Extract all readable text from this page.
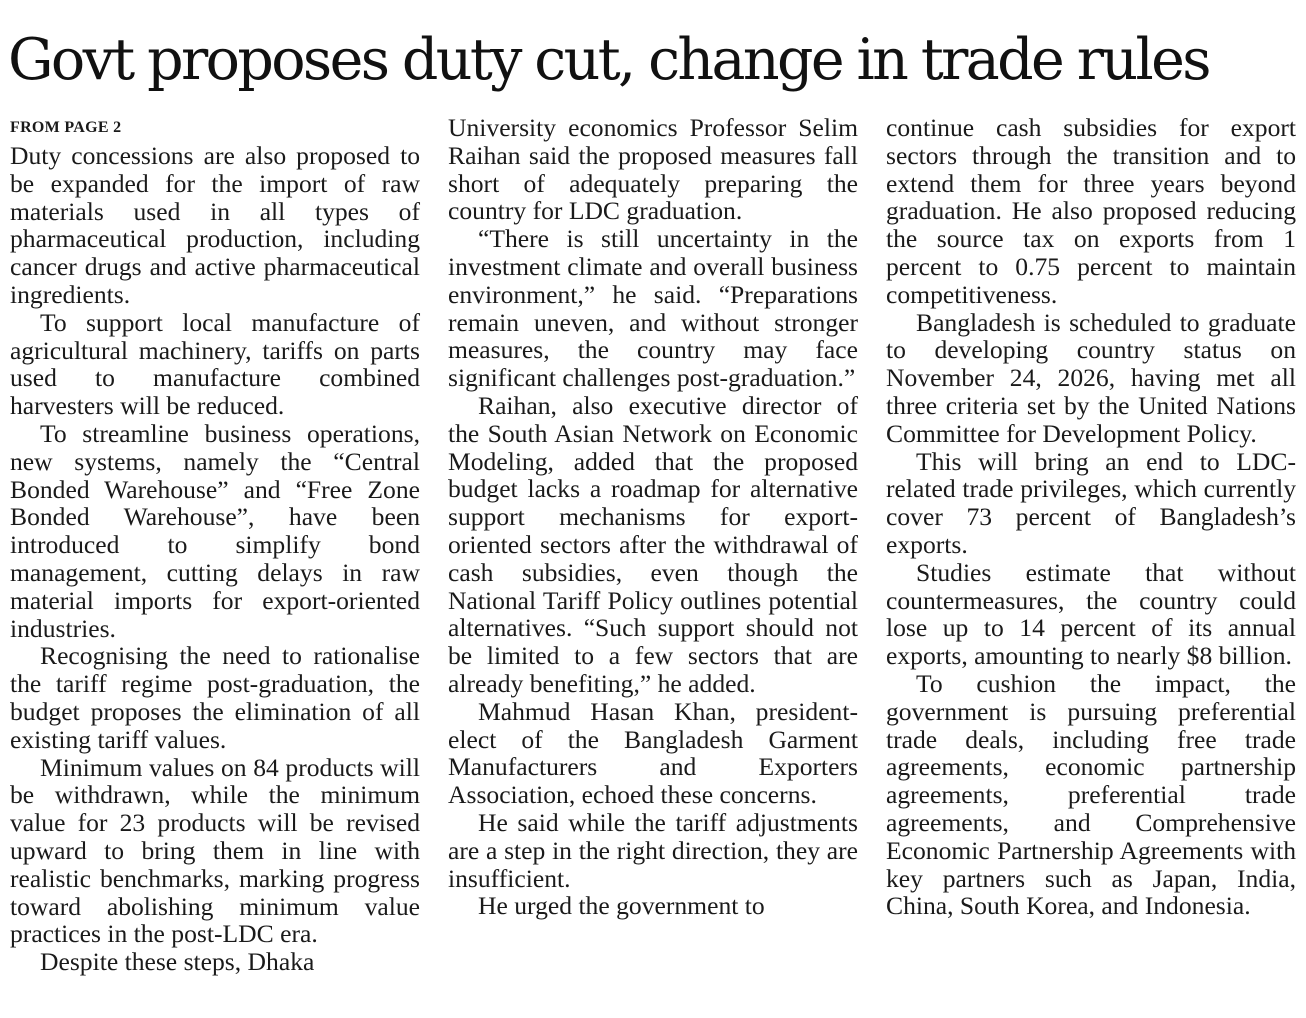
Govt proposes duty cut, change in trade rules
FROM PAGE 2

Duty concessions are also proposed to be expanded for the import of raw materials used in all types of pharmaceutical production, including cancer drugs and active pharmaceutical ingredients.

To support local manufacture of agricultural machinery, tariffs on parts used to manufacture combined harvesters will be reduced.

To streamline business operations, new systems, namely the “Central Bonded Warehouse” and “Free Zone Bonded Warehouse”, have been introduced to simplify bond management, cutting delays in raw material imports for export-oriented industries.

Recognising the need to rationalise the tariff regime post-graduation, the budget proposes the elimination of all existing tariff values.

Minimum values on 84 products will be withdrawn, while the minimum value for 23 products will be revised upward to bring them in line with realistic benchmarks, marking progress toward abolishing minimum value practices in the post-LDC era.

Despite these steps, Dhaka

University economics Professor Selim Raihan said the proposed measures fall short of adequately preparing the country for LDC graduation.

“There is still uncertainty in the investment climate and overall business environment,” he said. “Preparations remain uneven, and without stronger measures, the country may face significant challenges post-graduation.”

Raihan, also executive director of the South Asian Network on Economic Modeling, added that the proposed budget lacks a roadmap for alternative support mechanisms for export-oriented sectors after the withdrawal of cash subsidies, even though the National Tariff Policy outlines potential alternatives. “Such support should not be limited to a few sectors that are already benefiting,” he added.

Mahmud Hasan Khan, president-elect of the Bangladesh Garment Manufacturers and Exporters Association, echoed these concerns.

He said while the tariff adjustments are a step in the right direction, they are insufficient.

He urged the government to

continue cash subsidies for export sectors through the transition and to extend them for three years beyond graduation. He also proposed reducing the source tax on exports from 1 percent to 0.75 percent to maintain competitiveness.

Bangladesh is scheduled to graduate to developing country status on November 24, 2026, having met all three criteria set by the United Nations Committee for Development Policy.

This will bring an end to LDC-related trade privileges, which currently cover 73 percent of Bangladesh’s exports.

Studies estimate that without countermeasures, the country could lose up to 14 percent of its annual exports, amounting to nearly $8 billion.

To cushion the impact, the government is pursuing preferential trade deals, including free trade agreements, economic partnership agreements, preferential trade agreements, and Comprehensive Economic Partnership Agreements with key partners such as Japan, India, China, South Korea, and Indonesia.
